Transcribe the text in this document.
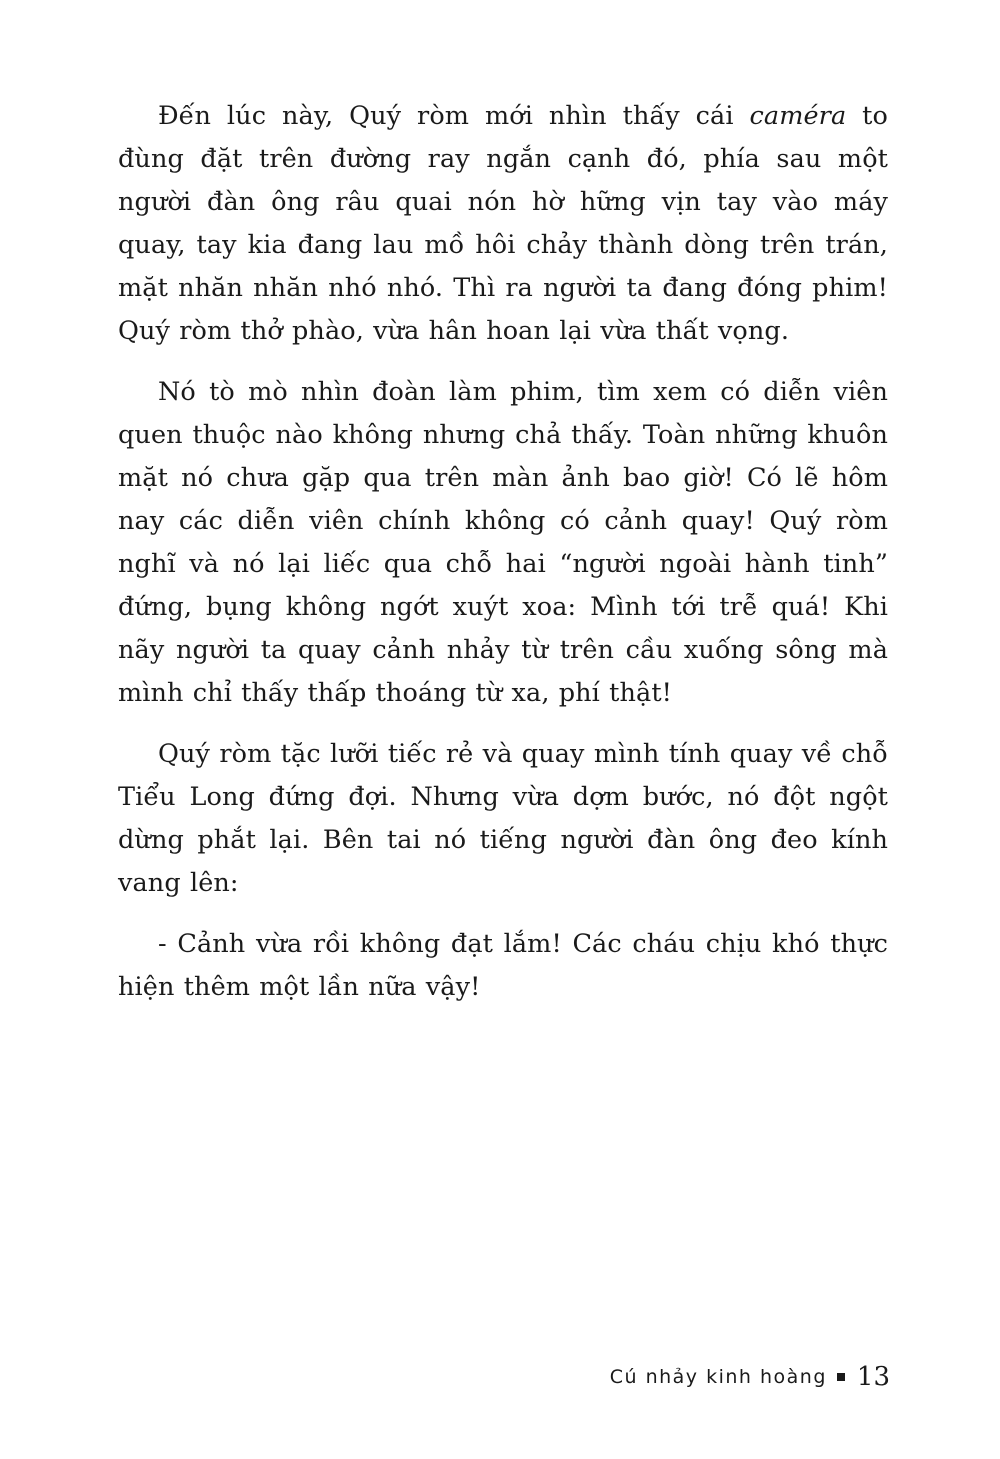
Đến lúc này, Quý ròm mới nhìn thấy cái caméra to đùng đặt trên đường ray ngắn cạnh đó, phía sau một người đàn ông râu quai nón hờ hững vịn tay vào máy quay, tay kia đang lau mồ hôi chảy thành dòng trên trán, mặt nhăn nhăn nhó nhó. Thì ra người ta đang đóng phim! Quý ròm thở phào, vừa hân hoan lại vừa thất vọng.

Nó tò mò nhìn đoàn làm phim, tìm xem có diễn viên quen thuộc nào không nhưng chả thấy. Toàn những khuôn mặt nó chưa gặp qua trên màn ảnh bao giờ! Có lẽ hôm nay các diễn viên chính không có cảnh quay! Quý ròm nghĩ và nó lại liếc qua chỗ hai “người ngoài hành tinh” đứng, bụng không ngớt xuýt xoa: Mình tới trễ quá! Khi nãy người ta quay cảnh nhảy từ trên cầu xuống sông mà mình chỉ thấy thấp thoáng từ xa, phí thật!

Quý ròm tặc lưỡi tiếc rẻ và quay mình tính quay về chỗ Tiểu Long đứng đợi. Nhưng vừa dợm bước, nó đột ngột dừng phắt lại. Bên tai nó tiếng người đàn ông đeo kính vang lên:

- Cảnh vừa rồi không đạt lắm! Các cháu chịu khó thực hiện thêm một lần nữa vậy!

Cú nhảy kinh hoàng 13
